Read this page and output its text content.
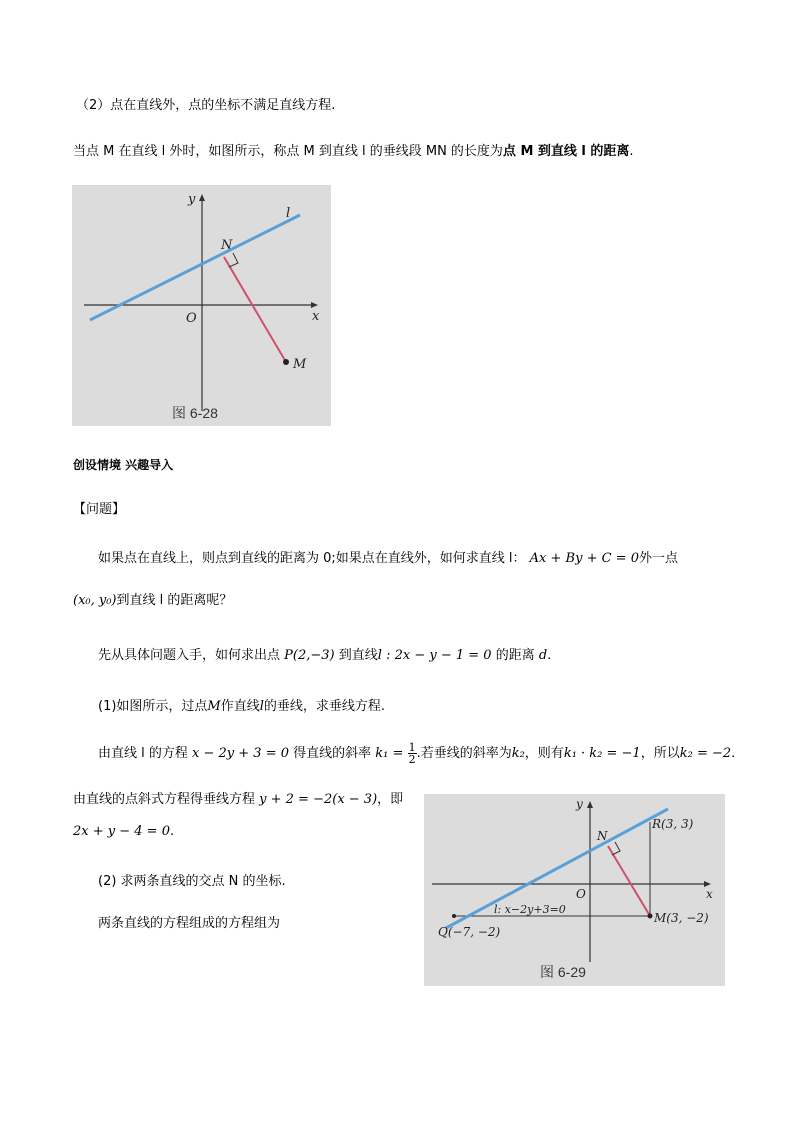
（2）点在直线外，点的坐标不满足直线方程.
当点 M 在直线 l 外时，如图所示，称点 M 到直线 l 的垂线段 MN 的长度为点 M 到直线 l 的距离.
y
x
O
N
M
l
图 6-28
创设情境 兴趣导入
【问题】
如果点在直线上，则点到直线的距离为 0;如果点在直线外，如何求直线 l： Ax + By + C = 0外一点
(x₀, y₀)到直线 l 的距离呢？
先从具体问题入手，如何求出点 P(2,−3) 到直线l : 2x − y − 1 = 0 的距离 d.
(1)如图所示，过点M作直线l的垂线，求垂线方程.
由直线 l 的方程 x − 2y + 3 = 0 得直线的斜率 $k_1 = \frac{1}{2}$ .若垂线的斜率为k₂，则有k₁ · k₂ = −1，所以k₂ = −2.
由直线的点斜式方程得垂线方程 y + 2 = −2(x − 3)，即
2x + y − 4 = 0.
(2) 求两条直线的交点 N 的坐标.
两条直线的方程组成的方程组为
y
x
O
N
R(3, 3)
M(3, −2)
Q(−7, −2)
l: x−2y+3=0
图 6-29
